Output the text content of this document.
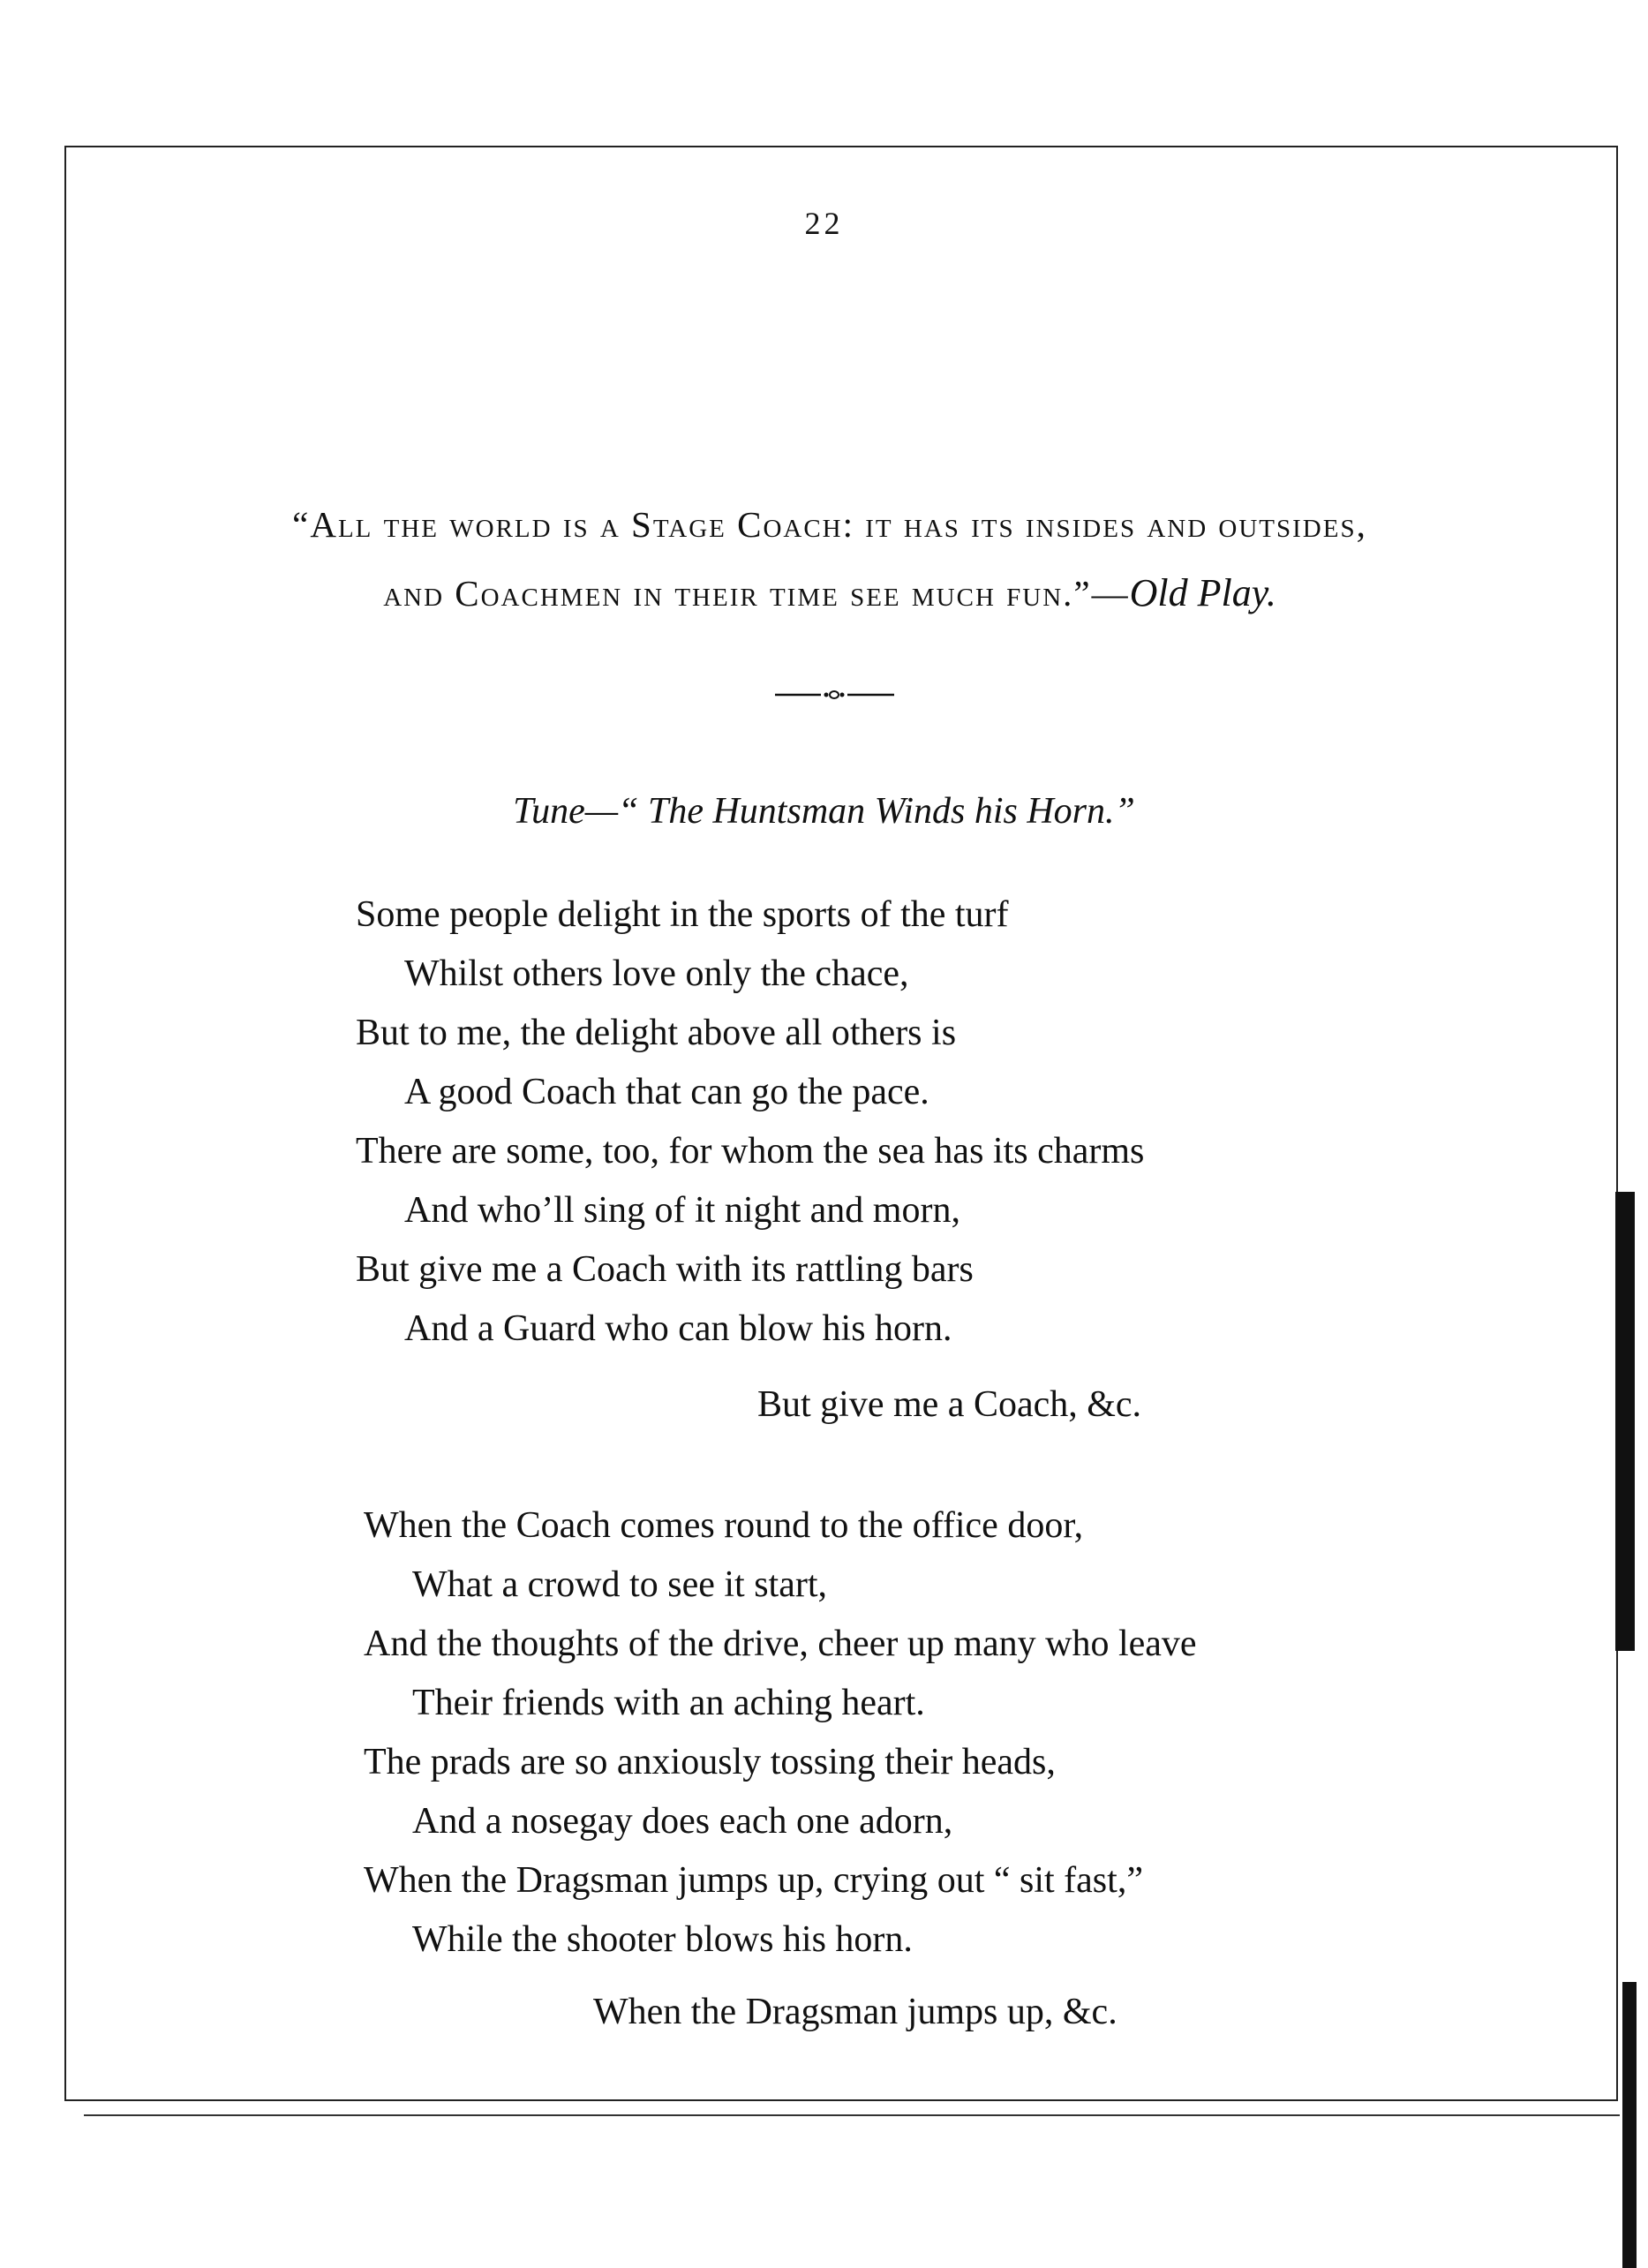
22
“All the world is a Stage Coach: it has its insides and outsides,
and Coachmen in their time see much fun.”—Old Play.
Tune—“ The Huntsman Winds his Horn.”
Some people delight in the sports of the turf
Whilst others love only the chace,
But to me, the delight above all others is
A good Coach that can go the pace.
There are some, too, for whom the sea has its charms
And who’ll sing of it night and morn,
But give me a Coach with its rattling bars
And a Guard who can blow his horn.
But give me a Coach, &c.
When the Coach comes round to the office door,
What a crowd to see it start,
And the thoughts of the drive, cheer up many who leave
Their friends with an aching heart.
The prads are so anxiously tossing their heads,
And a nosegay does each one adorn,
When the Dragsman jumps up, crying out “ sit fast,”
While the shooter blows his horn.
When the Dragsman jumps up, &c.
